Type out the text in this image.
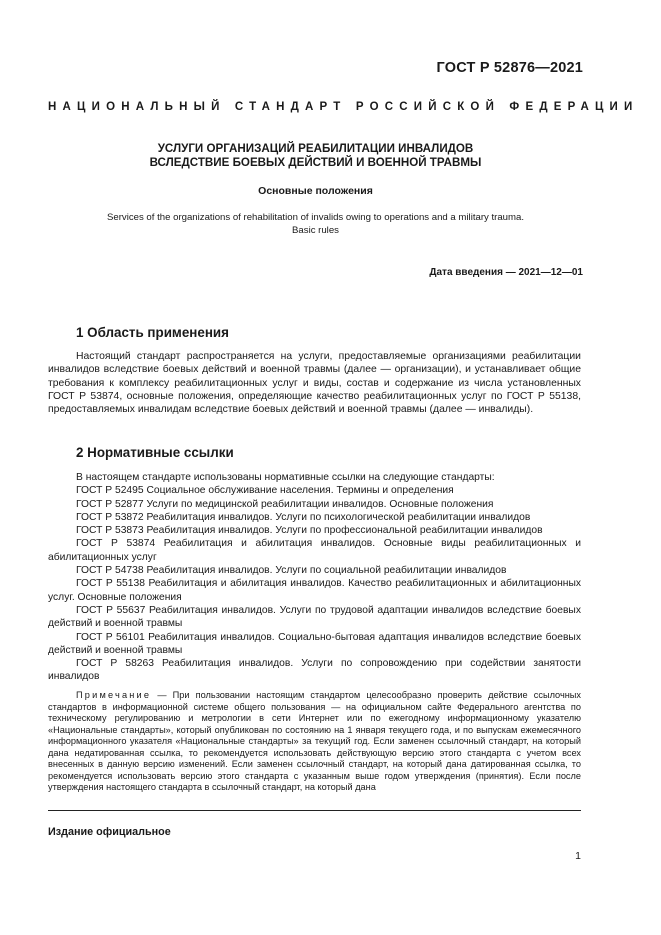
ГОСТ Р 52876—2021
НАЦИОНАЛЬНЫЙ СТАНДАРТ РОССИЙСКОЙ ФЕДЕРАЦИИ
УСЛУГИ ОРГАНИЗАЦИЙ РЕАБИЛИТАЦИИ ИНВАЛИДОВ
ВСЛЕДСТВИЕ БОЕВЫХ ДЕЙСТВИЙ И ВОЕННОЙ ТРАВМЫ
Основные положения
Services of the organizations of rehabilitation of invalids owing to operations and a military trauma.
Basic rules
Дата введения — 2021—12—01
1 Область применения
Настоящий стандарт распространяется на услуги, предоставляемые организациями реабилитации инвалидов вследствие боевых действий и военной травмы (далее — организации), и устанавливает общие требования к комплексу реабилитационных услуг и виды, состав и содержание из числа установленных ГОСТ Р 53874, основные положения, определяющие качество реабилитационных услуг по ГОСТ Р 55138, предоставляемых инвалидам вследствие боевых действий и военной травмы (далее — инвалиды).
2 Нормативные ссылки
В настоящем стандарте использованы нормативные ссылки на следующие стандарты:
ГОСТ Р 52495 Социальное обслуживание населения. Термины и определения
ГОСТ Р 52877 Услуги по медицинской реабилитации инвалидов. Основные положения
ГОСТ Р 53872 Реабилитация инвалидов. Услуги по психологической реабилитации инвалидов
ГОСТ Р 53873 Реабилитация инвалидов. Услуги по профессиональной реабилитации инвалидов
ГОСТ Р 53874 Реабилитация и абилитация инвалидов. Основные виды реабилитационных и абилитационных услуг
ГОСТ Р 54738 Реабилитация инвалидов. Услуги по социальной реабилитации инвалидов
ГОСТ Р 55138 Реабилитация и абилитация инвалидов. Качество реабилитационных и абилитационных услуг. Основные положения
ГОСТ Р 55637 Реабилитация инвалидов. Услуги по трудовой адаптации инвалидов вследствие боевых действий и военной травмы
ГОСТ Р 56101 Реабилитация инвалидов. Социально-бытовая адаптация инвалидов вследствие боевых действий и военной травмы
ГОСТ Р 58263 Реабилитация инвалидов. Услуги по сопровождению при содействии занятости инвалидов
Примечание — При пользовании настоящим стандартом целесообразно проверить действие ссылочных стандартов в информационной системе общего пользования — на официальном сайте Федерального агентства по техническому регулированию и метрологии в сети Интернет или по ежегодному информационному указателю «Национальные стандарты», который опубликован по состоянию на 1 января текущего года, и по выпускам ежемесячного информационного указателя «Национальные стандарты» за текущий год. Если заменен ссылочный стандарт, на который дана недатированная ссылка, то рекомендуется использовать действующую версию этого стандарта с учетом всех внесенных в данную версию изменений. Если заменен ссылочный стандарт, на который дана датированная ссылка, то рекомендуется использовать версию этого стандарта с указанным выше годом утверждения (принятия). Если после утверждения настоящего стандарта в ссылочный стандарт, на который дана
Издание официальное
1
